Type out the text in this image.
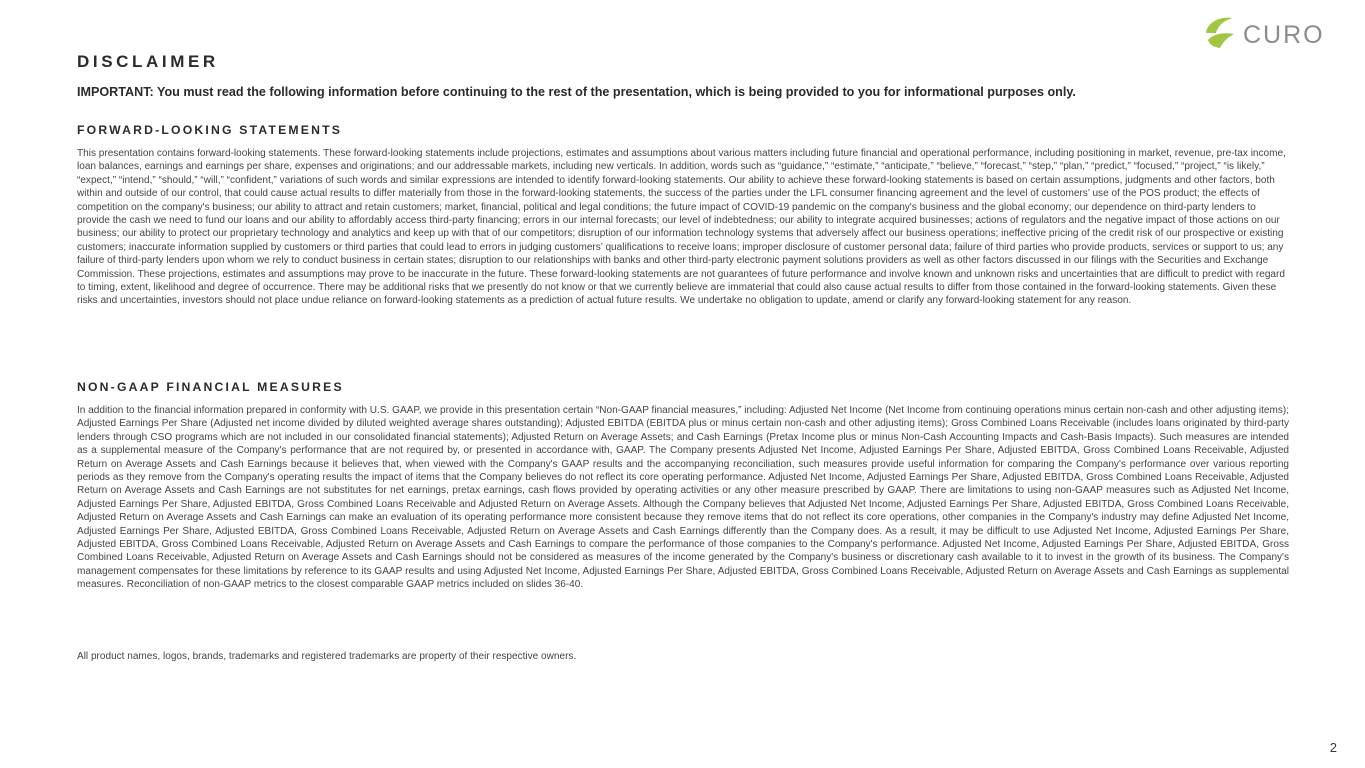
CURO
DISCLAIMER

IMPORTANT: You must read the following information before continuing to the rest of the presentation, which is being provided to you for informational purposes only.

FORWARD-LOOKING STATEMENTS

This presentation contains forward-looking statements. These forward-looking statements include projections, estimates and assumptions about various matters including future financial and operational performance, including positioning in market, revenue, pre-tax income, loan balances, earnings and earnings per share, expenses and originations; and our addressable markets, including new verticals. In addition, words such as “guidance,” “estimate,” “anticipate,” “believe,” “forecast,” “step,” “plan,” “predict,” “focused,” “project,” “is likely,” “expect,” “intend,” “should,” “will,” “confident,” variations of such words and similar expressions are intended to identify forward-looking statements. Our ability to achieve these forward-looking statements is based on certain assumptions, judgments and other factors, both within and outside of our control, that could cause actual results to differ materially from those in the forward-looking statements, the success of the parties under the LFL consumer financing agreement and the level of customers’ use of the POS product; the effects of competition on the company's business; our ability to attract and retain customers; market, financial, political and legal conditions; the future impact of COVID-19 pandemic on the company's business and the global economy; our dependence on third-party lenders to provide the cash we need to fund our loans and our ability to affordably access third-party financing; errors in our internal forecasts; our level of indebtedness; our ability to integrate acquired businesses; actions of regulators and the negative impact of those actions on our business; our ability to protect our proprietary technology and analytics and keep up with that of our competitors; disruption of our information technology systems that adversely affect our business operations; ineffective pricing of the credit risk of our prospective or existing customers; inaccurate information supplied by customers or third parties that could lead to errors in judging customers’ qualifications to receive loans; improper disclosure of customer personal data; failure of third parties who provide products, services or support to us; any failure of third-party lenders upon whom we rely to conduct business in certain states; disruption to our relationships with banks and other third-party electronic payment solutions providers as well as other factors discussed in our filings with the Securities and Exchange Commission. These projections, estimates and assumptions may prove to be inaccurate in the future. These forward-looking statements are not guarantees of future performance and involve known and unknown risks and uncertainties that are difficult to predict with regard to timing, extent, likelihood and degree of occurrence. There may be additional risks that we presently do not know or that we currently believe are immaterial that could also cause actual results to differ from those contained in the forward-looking statements. Given these risks and uncertainties, investors should not place undue reliance on forward-looking statements as a prediction of actual future results. We undertake no obligation to update, amend or clarify any forward-looking statement for any reason.

NON-GAAP FINANCIAL MEASURES

In addition to the financial information prepared in conformity with U.S. GAAP, we provide in this presentation certain “Non-GAAP financial measures,” including: Adjusted Net Income (Net Income from continuing operations minus certain non-cash and other adjusting items); Adjusted Earnings Per Share (Adjusted net income divided by diluted weighted average shares outstanding); Adjusted EBITDA (EBITDA plus or minus certain non-cash and other adjusting items); Gross Combined Loans Receivable (includes loans originated by third-party lenders through CSO programs which are not included in our consolidated financial statements); Adjusted Return on Average Assets; and Cash Earnings (Pretax Income plus or minus Non-Cash Accounting Impacts and Cash-Basis Impacts). Such measures are intended as a supplemental measure of the Company's performance that are not required by, or presented in accordance with, GAAP. The Company presents Adjusted Net Income, Adjusted Earnings Per Share, Adjusted EBITDA, Gross Combined Loans Receivable, Adjusted Return on Average Assets and Cash Earnings because it believes that, when viewed with the Company's GAAP results and the accompanying reconciliation, such measures provide useful information for comparing the Company's performance over various reporting periods as they remove from the Company's operating results the impact of items that the Company believes do not reflect its core operating performance. Adjusted Net Income, Adjusted Earnings Per Share, Adjusted EBITDA, Gross Combined Loans Receivable, Adjusted Return on Average Assets and Cash Earnings are not substitutes for net earnings, pretax earnings, cash flows provided by operating activities or any other measure prescribed by GAAP. There are limitations to using non-GAAP measures such as Adjusted Net Income, Adjusted Earnings Per Share, Adjusted EBITDA, Gross Combined Loans Receivable and Adjusted Return on Average Assets. Although the Company believes that Adjusted Net Income, Adjusted Earnings Per Share, Adjusted EBITDA, Gross Combined Loans Receivable, Adjusted Return on Average Assets and Cash Earnings can make an evaluation of its operating performance more consistent because they remove items that do not reflect its core operations, other companies in the Company's industry may define Adjusted Net Income, Adjusted Earnings Per Share, Adjusted EBITDA, Gross Combined Loans Receivable, Adjusted Return on Average Assets and Cash Earnings differently than the Company does. As a result, it may be difficult to use Adjusted Net Income, Adjusted Earnings Per Share, Adjusted EBITDA, Gross Combined Loans Receivable, Adjusted Return on Average Assets and Cash Earnings to compare the performance of those companies to the Company's performance. Adjusted Net Income, Adjusted Earnings Per Share, Adjusted EBITDA, Gross Combined Loans Receivable, Adjusted Return on Average Assets and Cash Earnings should not be considered as measures of the income generated by the Company's business or discretionary cash available to it to invest in the growth of its business. The Company's management compensates for these limitations by reference to its GAAP results and using Adjusted Net Income, Adjusted Earnings Per Share, Adjusted EBITDA, Gross Combined Loans Receivable, Adjusted Return on Average Assets and Cash Earnings as supplemental measures. Reconciliation of non-GAAP metrics to the closest comparable GAAP metrics included on slides 36-40.

All product names, logos, brands, trademarks and registered trademarks are property of their respective owners.

2
